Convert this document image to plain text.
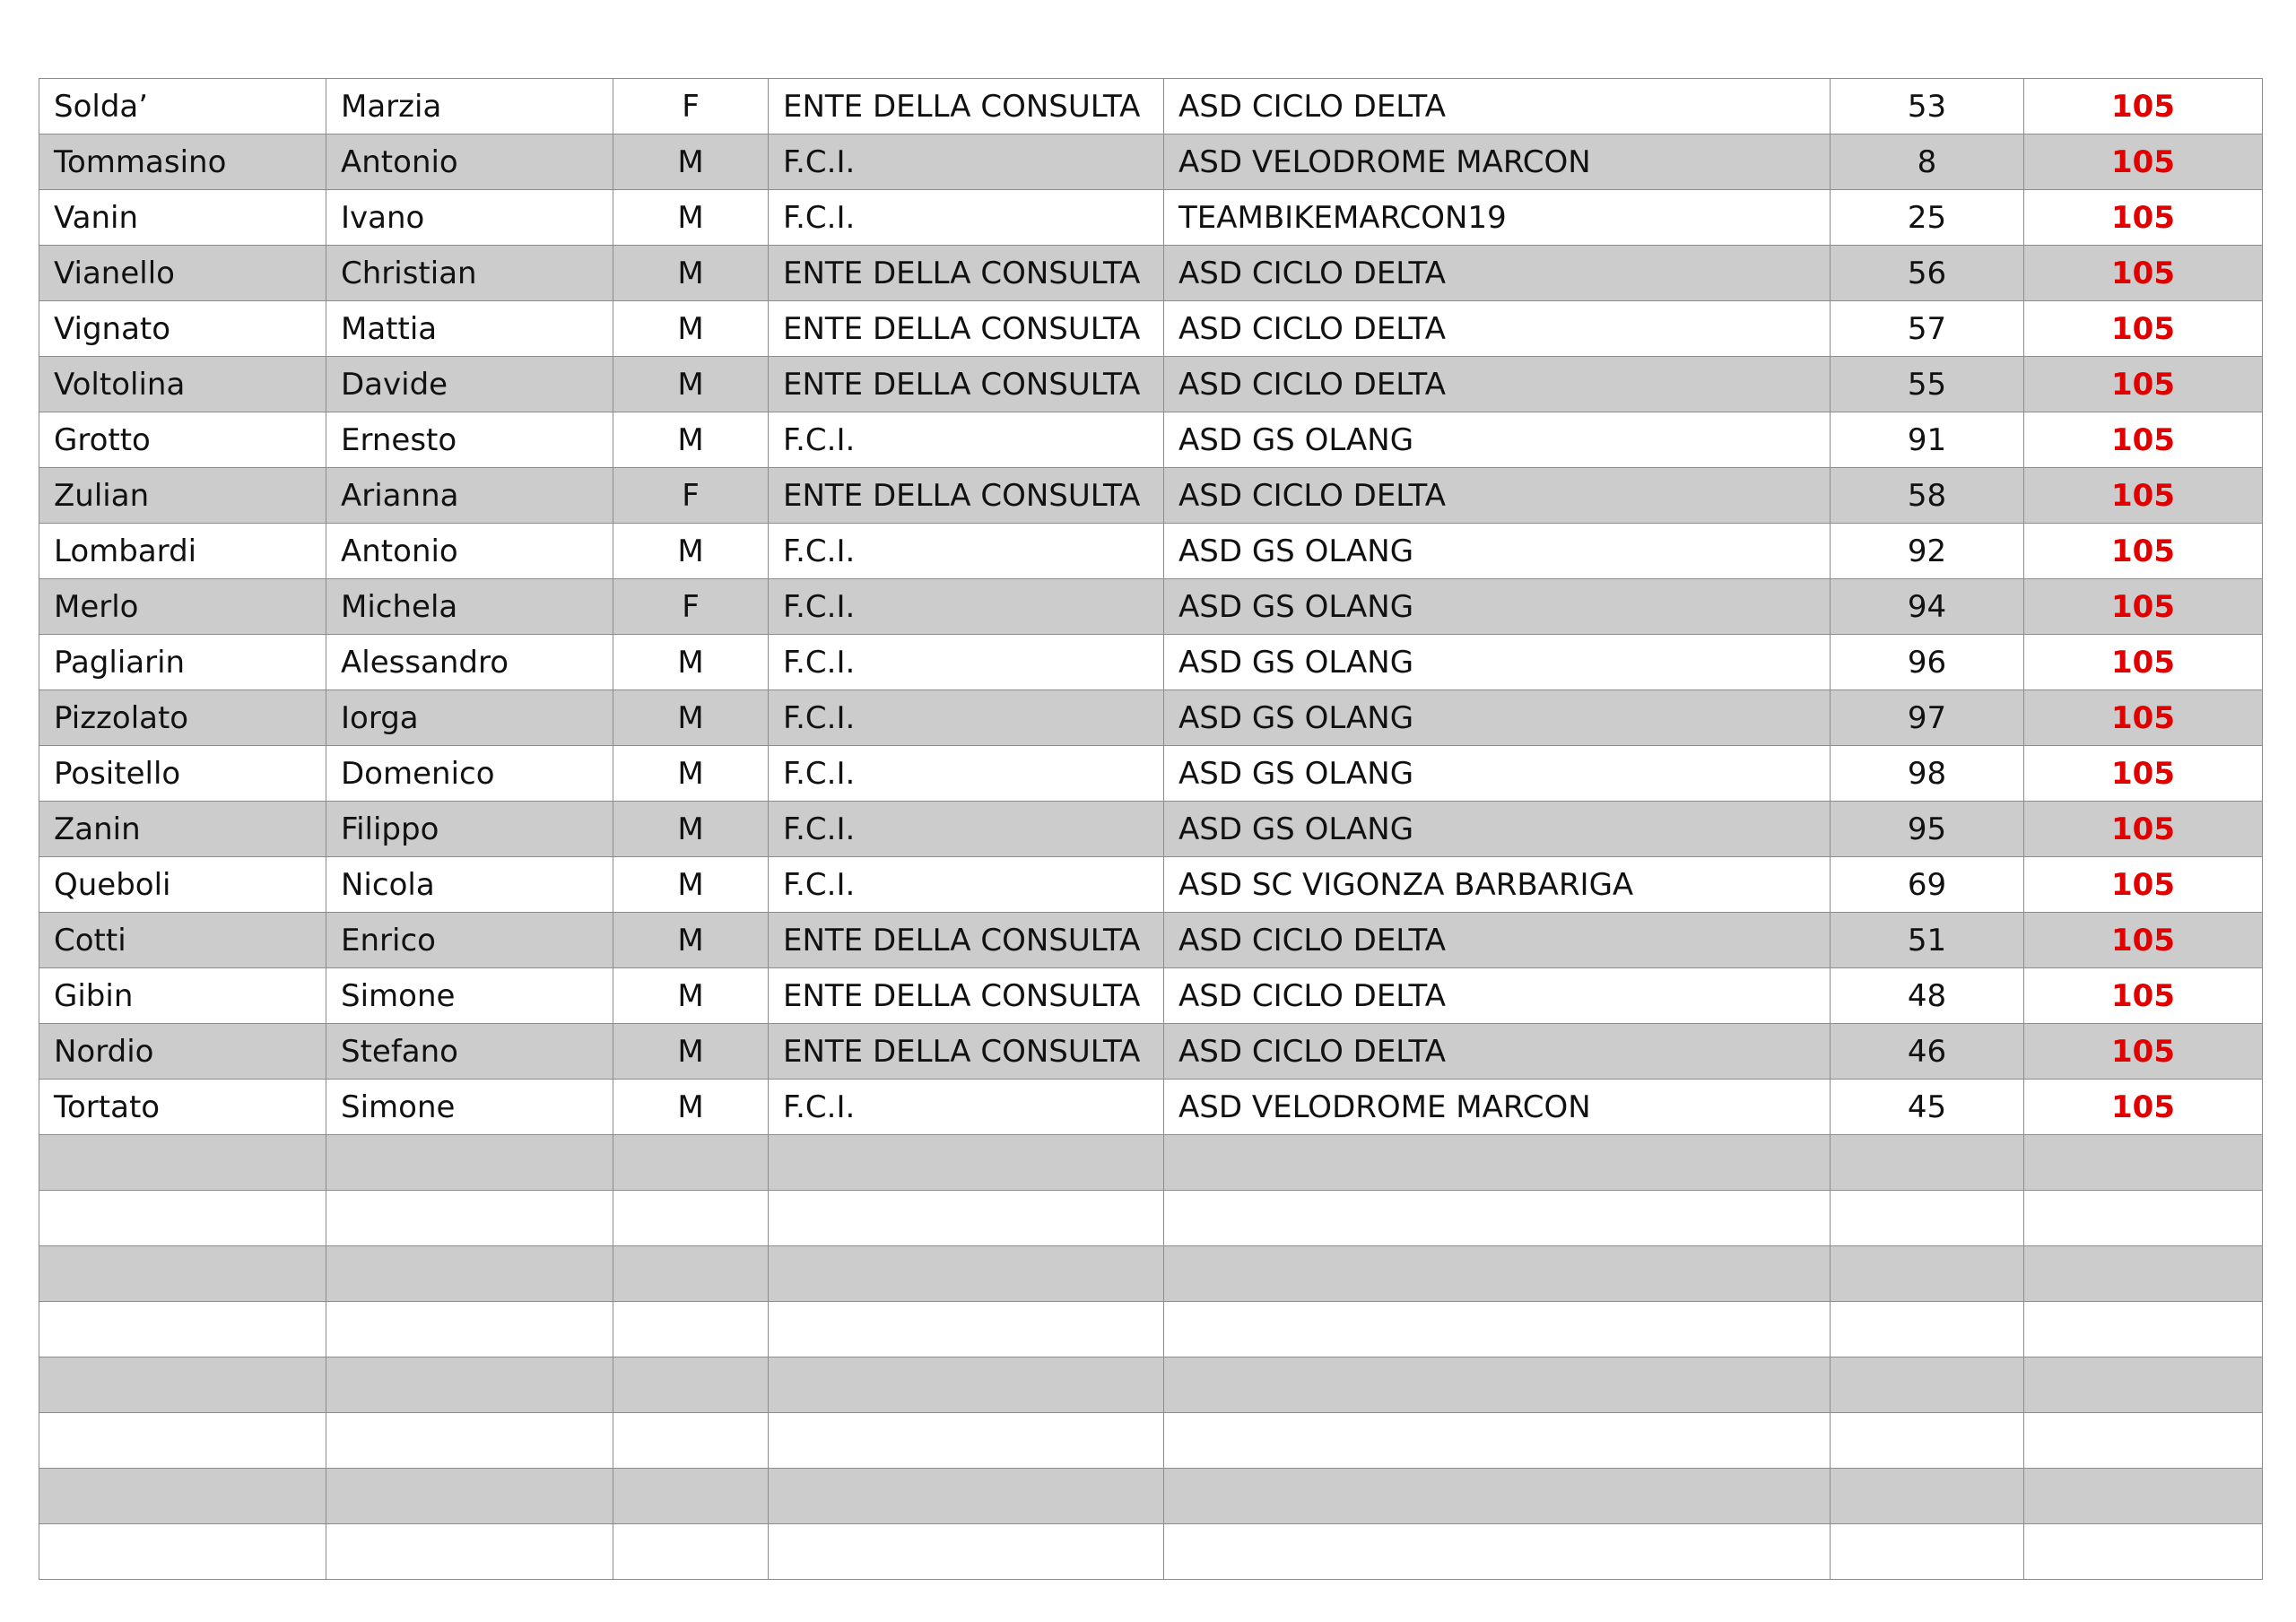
Solda’	Marzia	F	ENTE DELLA CONSULTA	ASD CICLO DELTA	53	105
Tommasino	Antonio	M	F.C.I.	ASD VELODROME MARCON	8	105
Vanin	Ivano	M	F.C.I.	TEAMBIKEMARCON19	25	105
Vianello	Christian	M	ENTE DELLA CONSULTA	ASD CICLO DELTA	56	105
Vignato	Mattia	M	ENTE DELLA CONSULTA	ASD CICLO DELTA	57	105
Voltolina	Davide	M	ENTE DELLA CONSULTA	ASD CICLO DELTA	55	105
Grotto	Ernesto	M	F.C.I.	ASD GS OLANG	91	105
Zulian	Arianna	F	ENTE DELLA CONSULTA	ASD CICLO DELTA	58	105
Lombardi	Antonio	M	F.C.I.	ASD GS OLANG	92	105
Merlo	Michela	F	F.C.I.	ASD GS OLANG	94	105
Pagliarin	Alessandro	M	F.C.I.	ASD GS OLANG	96	105
Pizzolato	Iorga	M	F.C.I.	ASD GS OLANG	97	105
Positello	Domenico	M	F.C.I.	ASD GS OLANG	98	105
Zanin	Filippo	M	F.C.I.	ASD GS OLANG	95	105
Queboli	Nicola	M	F.C.I.	ASD SC VIGONZA BARBARIGA	69	105
Cotti	Enrico	M	ENTE DELLA CONSULTA	ASD CICLO DELTA	51	105
Gibin	Simone	M	ENTE DELLA CONSULTA	ASD CICLO DELTA	48	105
Nordio	Stefano	M	ENTE DELLA CONSULTA	ASD CICLO DELTA	46	105
Tortato	Simone	M	F.C.I.	ASD VELODROME MARCON	45	105
